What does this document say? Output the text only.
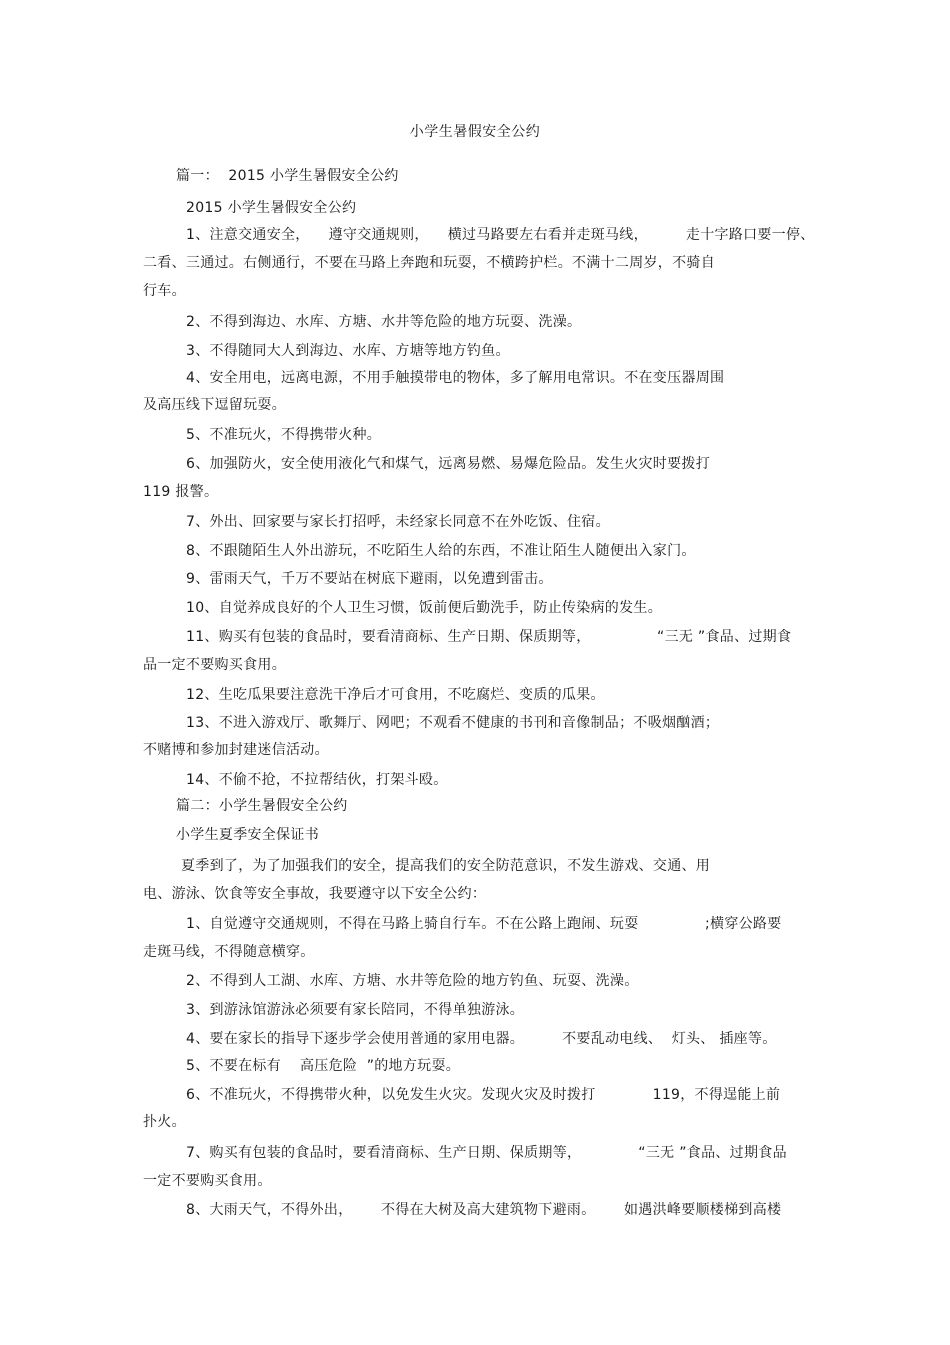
小学生暑假安全公约
篇一：  2015 小学生暑假安全公约
2015 小学生暑假安全公约
1、注意交通安全，    遵守交通规则，    横过马路要左右看并走斑马线，        走十字路口要一停、
二看、三通过。右侧通行，不要在马路上奔跑和玩耍，不横跨护栏。不满十二周岁，不骑自
行车。
2、不得到海边、水库、方塘、水井等危险的地方玩耍、洗澡。
3、不得随同大人到海边、水库、方塘等地方钓鱼。
4、安全用电，远离电源，不用手触摸带电的物体，多了解用电常识。不在变压器周围
及高压线下逗留玩耍。
5、不准玩火，不得携带火种。
6、加强防火，安全使用液化气和煤气，远离易燃、易爆危险品。发生火灾时要拨打
119 报警。
7、外出、回家要与家长打招呼，未经家长同意不在外吃饭、住宿。
8、不跟随陌生人外出游玩，不吃陌生人给的东西，不准让陌生人随便出入家门。
9、雷雨天气，千万不要站在树底下避雨，以免遭到雷击。
10、自觉养成良好的个人卫生习惯，饭前便后勤洗手，防止传染病的发生。
11、购买有包装的食品时，要看清商标、生产日期、保质期等，              “三无 ”食品、过期食
品一定不要购买食用。
12、生吃瓜果要注意洗干净后才可食用，不吃腐烂、变质的瓜果。
13、不进入游戏厅、歌舞厅、网吧；不观看不健康的书刊和音像制品；不吸烟酗酒；
不赌博和参加封建迷信活动。
14、不偷不抢，不拉帮结伙，打架斗殴。
篇二：小学生暑假安全公约
小学生夏季安全保证书
夏季到了，为了加强我们的安全，提高我们的安全防范意识，不发生游戏、交通、用
电、游泳、饮食等安全事故，我要遵守以下安全公约：
1、自觉遵守交通规则，不得在马路上骑自行车。不在公路上跑闹、玩耍              ;横穿公路要
走斑马线，不得随意横穿。
2、不得到人工湖、水库、方塘、水井等危险的地方钓鱼、玩耍、洗澡。
3、到游泳馆游泳必须要有家长陪同，不得单独游泳。
4、要在家长的指导下逐步学会使用普通的家用电器。        不要乱动电线、  灯头、 插座等。
5、不要在标有    高压危险  ”的地方玩耍。
6、不准玩火，不得携带火种，以免发生火灾。发现火灾及时拨打            119，不得逞能上前
扑火。
7、购买有包装的食品时，要看清商标、生产日期、保质期等，            “三无 ”食品、过期食品
一定不要购买食用。
8、大雨天气，不得外出，      不得在大树及高大建筑物下避雨。      如遇洪峰要顺楼梯到高楼
